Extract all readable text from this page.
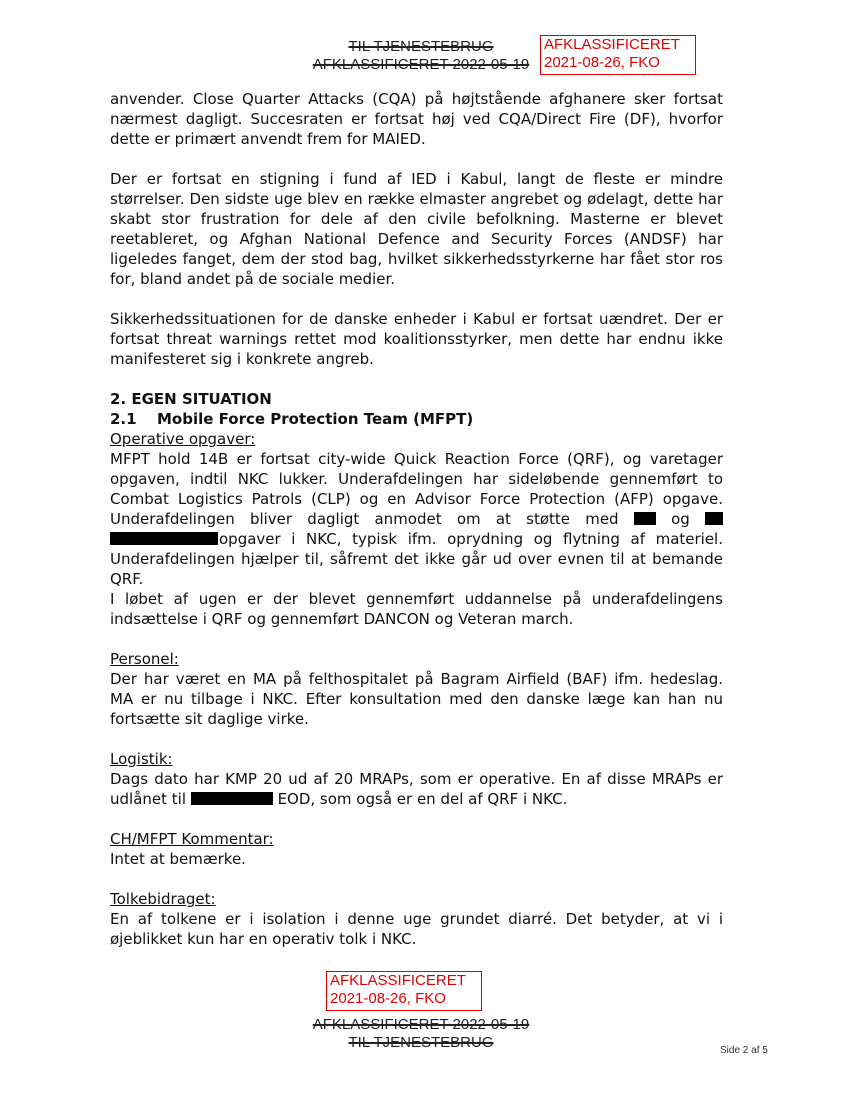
TIL TJENESTEBRUG
AFKLASSIFICERET 2022-05-19
AFKLASSIFICERET
2021-08-26, FKO

anvender. Close Quarter Attacks (CQA) på højtstående afghanere sker fortsat nærmest dagligt. Succesraten er fortsat høj ved CQA/Direct Fire (DF), hvorfor dette er primært anvendt frem for MAIED.

Der er fortsat en stigning i fund af IED i Kabul, langt de fleste er mindre størrelser. Den sidste uge blev en række elmaster angrebet og ødelagt, dette har skabt stor frustration for dele af den civile befolkning. Masterne er blevet reetableret, og Afghan National Defence and Security Forces (ANDSF) har ligeledes fanget, dem der stod bag, hvilket sikkerhedsstyrkerne har fået stor ros for, bland andet på de sociale medier.

Sikkerhedssituationen for de danske enheder i Kabul er fortsat uændret. Der er fortsat threat warnings rettet mod koalitionsstyrker, men dette har endnu ikke manifesteret sig i konkrete angreb.

2. EGEN SITUATION

2.1 Mobile Force Protection Team (MFPT)

Operative opgaver:

MFPT hold 14B er fortsat city-wide Quick Reaction Force (QRF), og varetager opgaven, indtil NKC lukker. Underafdelingen har sideløbende gennemført to Combat Logistics Patrols (CLP) og en Advisor Force Protection (AFP) opgave. Underafdelingen bliver dagligt anmodet om at støtte med	og  opgaver i NKC, typisk ifm. oprydning og flytning af materiel. Underafdelingen hjælper til, såfremt det ikke går ud over evnen til at bemande QRF.

I løbet af ugen er der blevet gennemført uddannelse på underafdelingens indsættelse i QRF og gennemført DANCON og Veteran march.

Personel:

Der har været en MA på felthospitalet på Bagram Airfield (BAF) ifm. hedeslag. MA er nu tilbage i NKC. Efter konsultation med den danske læge kan han nu fortsætte sit daglige virke.

Logistik:

Dags dato har KMP 20 ud af 20 MRAPs, som er operative. En af disse MRAPs er udlånet til	EOD, som også er en del af QRF i NKC.

CH/MFPT Kommentar:

Intet at bemærke.

Tolkebidraget:

En af tolkene er i isolation i denne uge grundet diarré. Det betyder, at vi i øjeblikket kun har en operativ tolk i NKC.

AFKLASSIFICERET
2021-08-26, FKO
AFKLASSIFICERET 2022-05-19
TIL TJENESTEBRUG	Side 2 af 5
